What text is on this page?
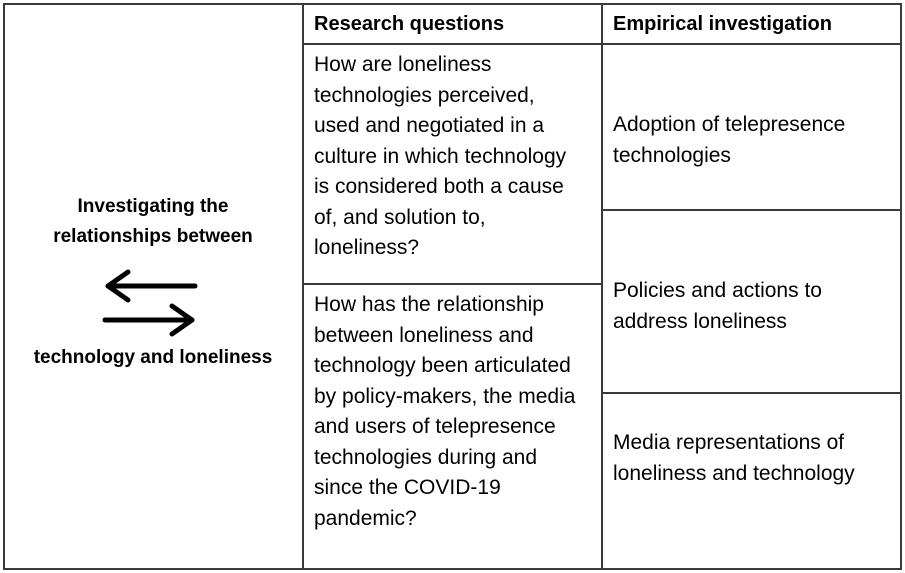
Investigating the relationships between
technology and loneliness
Research questions	Empirical investigation
How are loneliness technologies perceived, used and negotiated in a culture in which technology is considered both a cause of, and solution to, loneliness?
How has the relationship between loneliness and technology been articulated by policy-makers, the media and users of telepresence technologies during and since the COVID-19 pandemic?
Adoption of telepresence technologies
Policies and actions to address loneliness
Media representations of loneliness and technology
